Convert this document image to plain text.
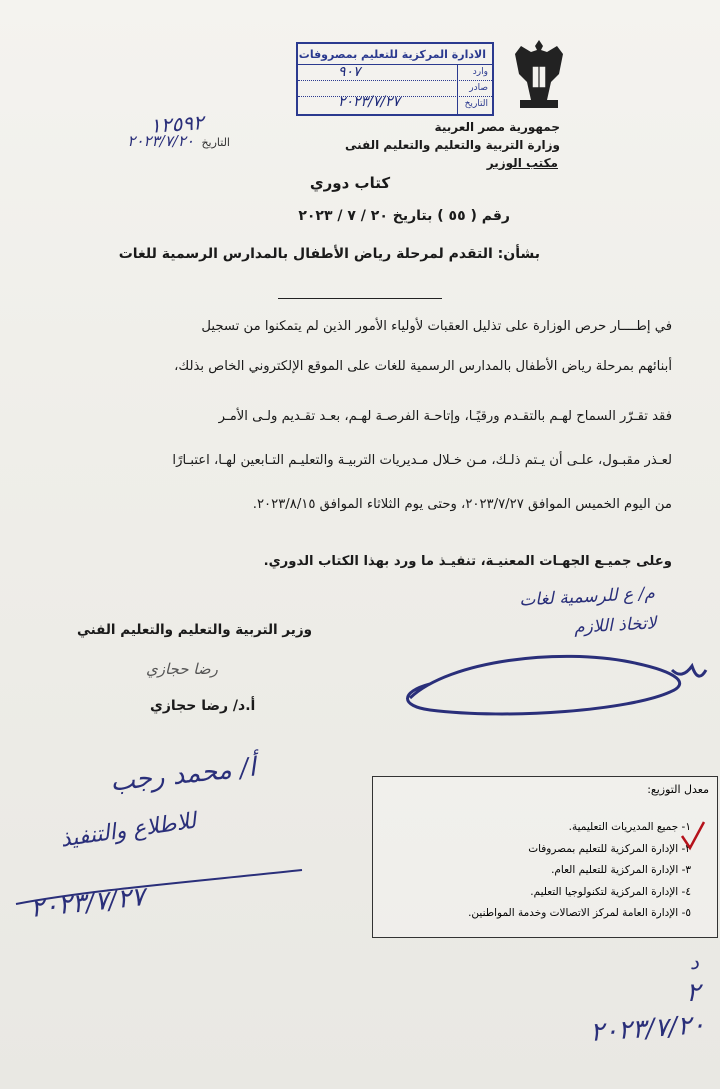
جمهورية مصر العربية
وزارة التربية والتعليم والتعليم الفنى
مكتب الوزير
الادارة المركزية للتعليم بمصروفات
وارد
صادر
التاريخ
٩٠٧
٢٠٢٣/٧/٢٧
١٢٥٩٢
التاريخ ٢٠٢٣/٧/٢٠
كتاب دوري
رقم ( ٥٥ ) بتاريخ ٢٠ / ٧ / ٢٠٢٣
بشأن: التقدم لمرحلة رياض الأطفال بالمدارس الرسمية للغات
في إطــــار حرص الوزارة على تذليل العقبات لأولياء الأمور الذين لم يتمكنوا من تسجيل
أبنائهم بمرحلة رياض الأطفال بالمدارس الرسمية للغات على الموقع الإلكتروني الخاص بذلك،
فقد تقـرّر السماح لهـم بالتقـدم ورقيًـا، وإتاحـة الفرصـة لهـم، بعـد تقـديم ولـى الأمـر
لعـذر مقبـول، علـى أن يـتم ذلـك، مـن خـلال مـديريات التربيـة والتعليـم التـابعين لهـا، اعتبـارًا
من اليوم الخميس الموافق ٢٠٢٣/٧/٢٧، وحتى يوم الثلاثاء الموافق ٢٠٢٣/٨/١٥.
وعلى جميـع الجهـات المعنيـة، تنفيـذ ما ورد بهذا الكتاب الدوري.
م/ ع للرسمية لغات
لاتخاذ اللازم
وزير التربية والتعليم والتعليم الفني
رضا حجازي
أ.د/ رضا حجازي
أ/ محمد رجب
للاطلاع والتنفيذ
٢٠٢٣/٧/٢٧
معدل التوزيع:
١- جميع المديريات التعليمية.
٢- الإدارة المركزية للتعليم بمصروفات
٣- الإدارة المركزية للتعليم العام.
٤- الإدارة المركزية لتكنولوجيا التعليم.
٥- الإدارة العامة لمركز الاتصالات وخدمة المواطنين.
د
٢
٢٠٢٣/٧/٢٠
